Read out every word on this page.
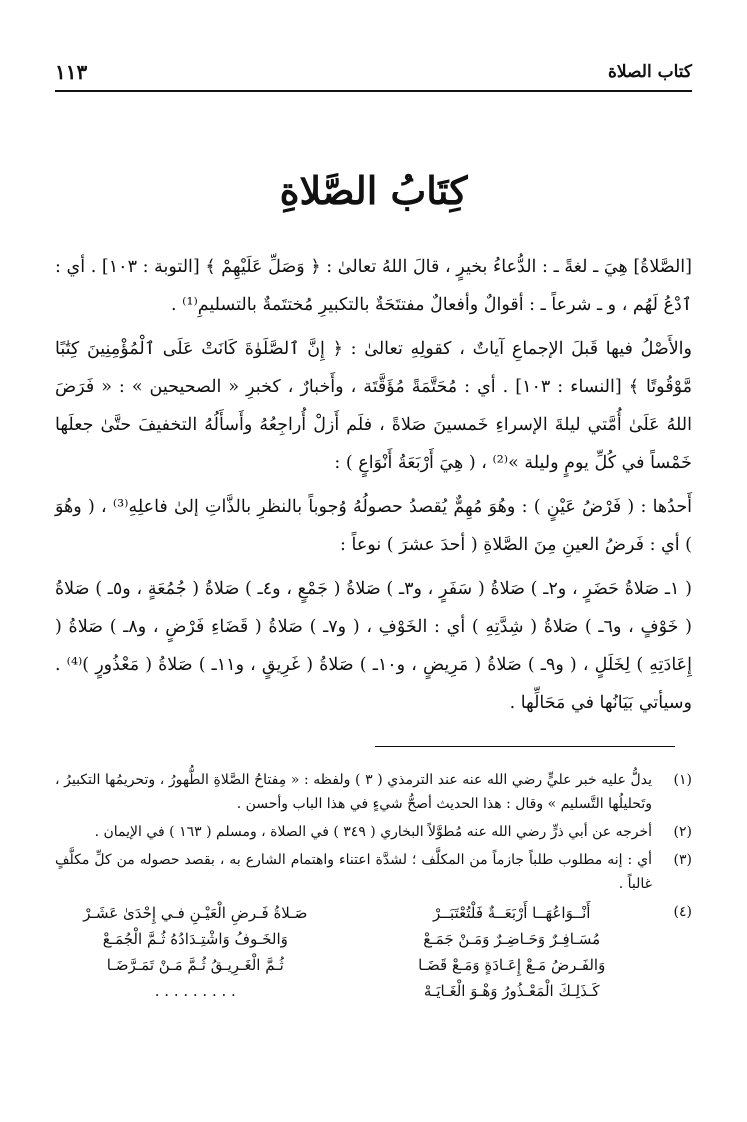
كتاب الصلاة
١١٣
كِتَابُ الصَّلاةِ

[الصَّلاةُ] هِيَ ـ لغةً ـ : الدُّعاءُ بخيرٍ ، قالَ اللهُ تعالىٰ : ﴿ وَصَلِّ عَلَيْهِمْ ﴾ [التوبة : ١٠٣] . أي : ٱدْعُ لَهُم ، و ـ شرعاً ـ : أقوالٌ وأفعالٌ مفتتَحَةٌ بالتكبيرِ مُختتَمةٌ بالتسليمِ⁽¹⁾ .

والأَصْلُ فيها قَبلَ الإجماعِ آياتٌ ، كقولِهِ تعالىٰ : ﴿ إِنَّ ٱلصَّلَوٰةَ كَانَتْ عَلَى ٱلْمُؤْمِنِينَ كِتَٰبًا مَّوْقُوتًا ﴾ [النساء : ١٠٣] . أي : مُحَتَّمَةً مُؤَقَّتَة ، وأَخبارٌ ، كخبرِ « الصحيحين » : « فَرَضَ اللهُ عَلَىٰ أُمَّتي ليلةَ الإسراءِ خَمسينَ صَلاةً ، فلَم أَزلْ أُراجِعُهُ وأَسأَلُهُ التخفيفَ حتَّىٰ جعلَها خَمْساً في كُلِّ يومٍ وليلة »⁽²⁾ ، ( هِيَ أَرْبَعَةُ أَنْوَاعٍ ) :

أَحدُها : ( فَرْضُ عَيْنٍ ) : وهُوَ مُهِمٌّ يُقصدُ حصولُهُ وُجوباً بالنظرِ بالذَّاتِ إلىٰ فاعلِهِ⁽³⁾ ، ( وهُوَ ) أي : فَرضُ العينِ مِنَ الصَّلاةِ ( أحدَ عشرَ ) نوعاً :

( ١ـ صَلاةُ حَضَرٍ ، و٢ـ ) صَلاةُ ( سَفَرٍ ، و٣ـ ) صَلاةُ ( جَمْعٍ ، و٤ـ ) صَلاةُ ( جُمُعَةٍ ، و٥ـ ) صَلاةُ ( خَوْفٍ ، و٦ـ ) صَلاةُ ( شِدَّتِهِ ) أي : الخَوْفِ ، ( و٧ـ ) صَلاةُ ( قَضَاءِ فَرْضٍ ، و٨ـ ) صَلاةُ ( إِعَادَتِهِ ) لِخَلَلٍ ، ( و٩ـ ) صَلاةُ ( مَرِيضٍ ، و١٠ـ ) صَلاةُ ( غَرِيقٍ ، و١١ـ ) صَلاةُ ( مَعْذُورٍ )⁽⁴⁾ . وسيأتي بَيَانُها في مَحَالِّها .

(١)
يدلُّ عليه خبر عليٍّ رضي الله عنه عند الترمذي ( ٣ ) ولفظه : « مِفتاحُ الصَّلاةِ الطُّهورُ ، وتحريمُها التكبيرُ ، وتَحليلُها التَّسليم » وقال : هذا الحديث أصحُّ شيءٍ في هذا الباب وأحسن .
(٢)
أخرجه عن أبي ذرٍّ رضي الله عنه مُطوَّلاً البخاري ( ٣٤٩ ) في الصلاة ، ومسلم ( ١٦٣ ) في الإيمان .
(٣)
أي : إنه مطلوب طلباً جازماً من المكلَّف ؛ لشدَّة اعتناء واهتمام الشارع به ، بقصد حصوله من كلِّ مكلَّفٍ غالباً .
(٤)
أَنْــوَاعُهَــا أَرْبَعَــةٌ فَلْتُعْتَبَــرْ
صَـلاةُ فَـرضِ الْعَيْـنِ فـي إِحْدَىٰ عَشَـرْ
مُسَـافِـرٌ وَحَـاضِـرٌ وَمَـنْ جَمَـعْ
وَالخَـوفُ وَاشْتِـدَادُهُ ثُـمَّ الْجُمَـعْ
وَالفَـرضُ مَـعْ إِعَـادَةٍ وَمَـعْ قَضَـا
ثُـمَّ الْغَـرِيـقُ ثُـمَّ مَـنْ تَمَـرَّضَـا
كَـذَلِـكَ الْمَعْـذُورُ وَهْـوَ الْغَـايَـهْ
. . . . . . . . .
